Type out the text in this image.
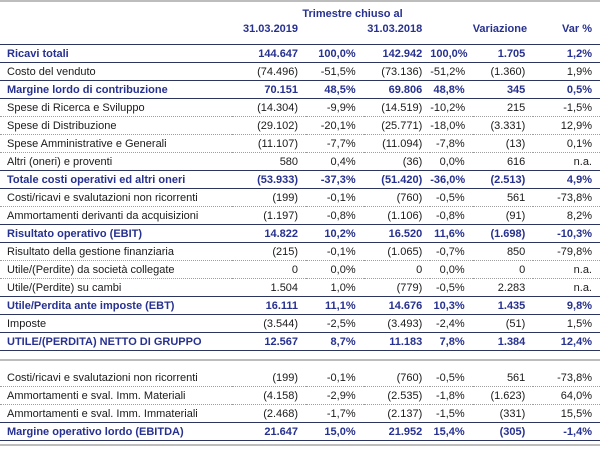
	Trimestre chiuso al					
	31.03.2019		31.03.2018		Variazione	Var %
Ricavi totali	144.647	100,0%	142.942	100,0%	1.705	1,2%
Costo del venduto	(74.496)	-51,5%	(73.136)	-51,2%	(1.360)	1,9%
Margine lordo di contribuzione	70.151	48,5%	69.806	48,8%	345	0,5%
Spese di Ricerca e Sviluppo	(14.304)	-9,9%	(14.519)	-10,2%	215	-1,5%
Spese di Distribuzione	(29.102)	-20,1%	(25.771)	-18,0%	(3.331)	12,9%
Spese Amministrative e Generali	(11.107)	-7,7%	(11.094)	-7,8%	(13)	0,1%
Altri (oneri) e proventi	580	0,4%	(36)	0,0%	616	n.a.
Totale costi operativi ed altri oneri	(53.933)	-37,3%	(51.420)	-36,0%	(2.513)	4,9%
Costi/ricavi e svalutazioni non ricorrenti	(199)	-0,1%	(760)	-0,5%	561	-73,8%
Ammortamenti derivanti da acquisizioni	(1.197)	-0,8%	(1.106)	-0,8%	(91)	8,2%
Risultato operativo (EBIT)	14.822	10,2%	16.520	11,6%	(1.698)	-10,3%
Risultato della gestione finanziaria	(215)	-0,1%	(1.065)	-0,7%	850	-79,8%
Utile/(Perdite) da società collegate	0	0,0%	0	0,0%	0	n.a.
Utile/(Perdite) su cambi	1.504	1,0%	(779)	-0,5%	2.283	n.a.
Utile/Perdita ante imposte (EBT)	16.111	11,1%	14.676	10,3%	1.435	9,8%
Imposte	(3.544)	-2,5%	(3.493)	-2,4%	(51)	1,5%
UTILE/(PERDITA) NETTO DI GRUPPO	12.567	8,7%	11.183	7,8%	1.384	12,4%

Costi/ricavi e svalutazioni non ricorrenti	(199)	-0,1%	(760)	-0,5%	561	-73,8%
Ammortamenti e sval. Imm. Materiali	(4.158)	-2,9%	(2.535)	-1,8%	(1.623)	64,0%
Ammortamenti e sval. Imm. Immateriali	(2.468)	-1,7%	(2.137)	-1,5%	(331)	15,5%
Margine operativo lordo (EBITDA)	21.647	15,0%	21.952	15,4%	(305)	-1,4%
